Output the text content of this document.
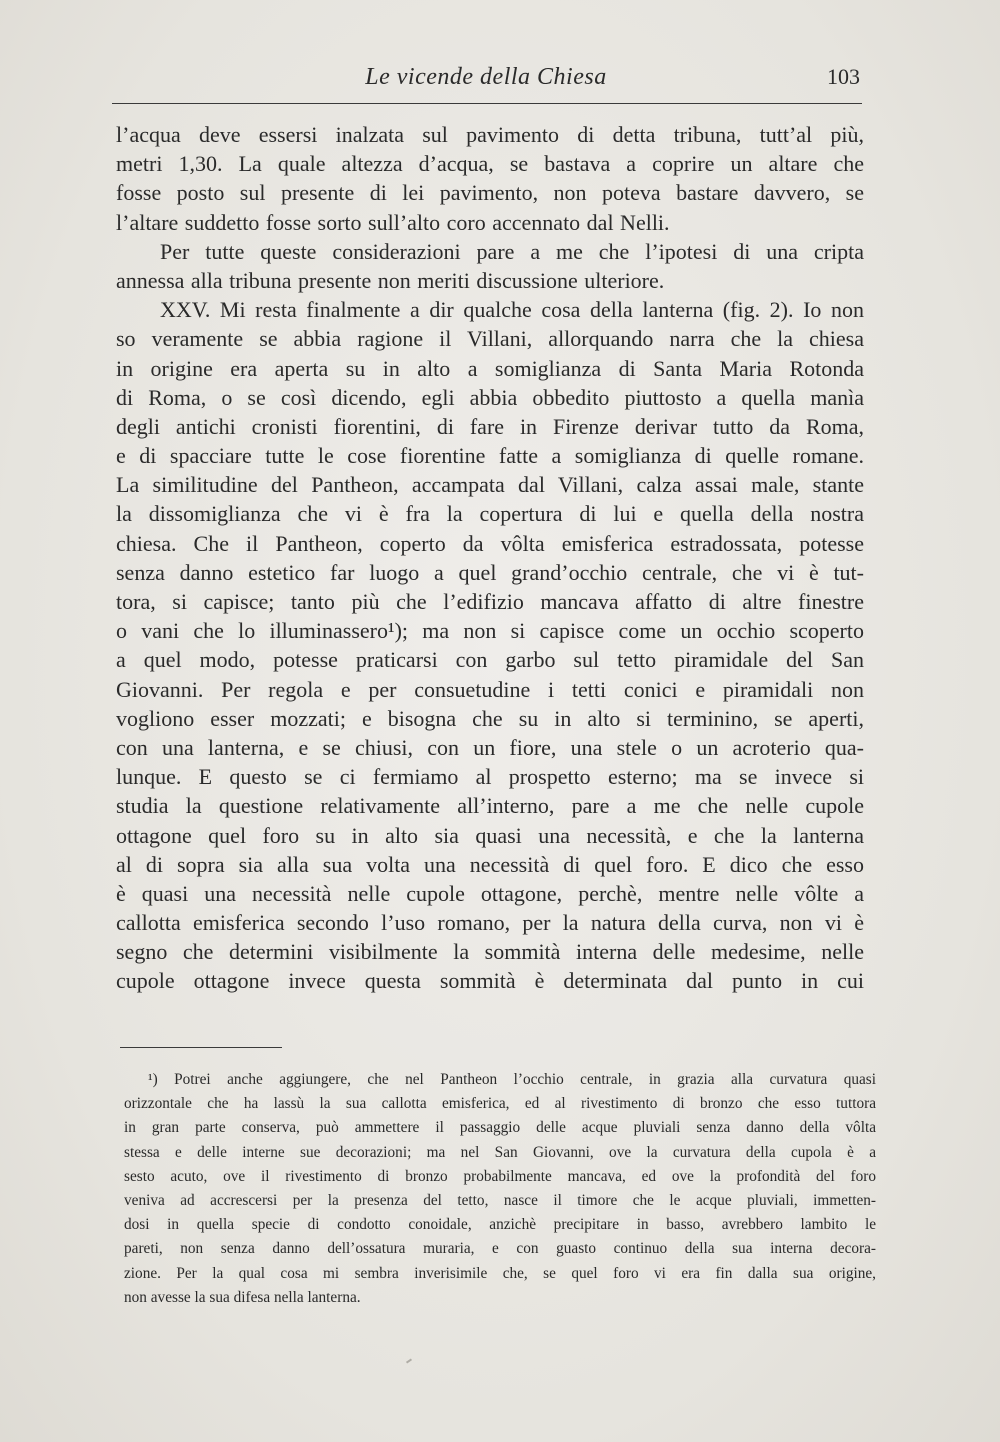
Le vicende della Chiesa	103
l’acqua deve essersi inalzata sul pavimento di detta tribuna, tutt’al più,
metri 1,30. La quale altezza d’acqua, se bastava a coprire un altare che
fosse posto sul presente di lei pavimento, non poteva bastare davvero, se
l’altare suddetto fosse sorto sull’alto coro accennato dal Nelli.
Per tutte queste considerazioni pare a me che l’ipotesi di una cripta
annessa alla tribuna presente non meriti discussione ulteriore.
XXV. Mi resta finalmente a dir qualche cosa della lanterna (fig. 2). Io non
so veramente se abbia ragione il Villani, allorquando narra che la chiesa
in origine era aperta su in alto a somiglianza di Santa Maria Rotonda
di Roma, o se così dicendo, egli abbia obbedito piuttosto a quella manìa
degli antichi cronisti fiorentini, di fare in Firenze derivar tutto da Roma,
e di spacciare tutte le cose fiorentine fatte a somiglianza di quelle romane.
La similitudine del Pantheon, accampata dal Villani, calza assai male, stante
la dissomiglianza che vi è fra la copertura di lui e quella della nostra
chiesa. Che il Pantheon, coperto da vôlta emisferica estradossata, potesse
senza danno estetico far luogo a quel grand’occhio centrale, che vi è tut-
tora, si capisce; tanto più che l’edifizio mancava affatto di altre finestre
o vani che lo illuminassero¹); ma non si capisce come un occhio scoperto
a quel modo, potesse praticarsi con garbo sul tetto piramidale del San
Giovanni. Per regola e per consuetudine i tetti conici e piramidali non
vogliono esser mozzati; e bisogna che su in alto si terminino, se aperti,
con una lanterna, e se chiusi, con un fiore, una stele o un acroterio qua-
lunque. E questo se ci fermiamo al prospetto esterno; ma se invece si
studia la questione relativamente all’interno, pare a me che nelle cupole
ottagone quel foro su in alto sia quasi una necessità, e che la lanterna
al di sopra sia alla sua volta una necessità di quel foro. E dico che esso
è quasi una necessità nelle cupole ottagone, perchè, mentre nelle vôlte a
callotta emisferica secondo l’uso romano, per la natura della curva, non vi è
segno che determini visibilmente la sommità interna delle medesime, nelle
cupole ottagone invece questa sommità è determinata dal punto in cui
¹) Potrei anche aggiungere, che nel Pantheon l’occhio centrale, in grazia alla curvatura quasi
orizzontale che ha lassù la sua callotta emisferica, ed al rivestimento di bronzo che esso tuttora
in gran parte conserva, può ammettere il passaggio delle acque pluviali senza danno della vôlta
stessa e delle interne sue decorazioni; ma nel San Giovanni, ove la curvatura della cupola è a
sesto acuto, ove il rivestimento di bronzo probabilmente mancava, ed ove la profondità del foro
veniva ad accrescersi per la presenza del tetto, nasce il timore che le acque pluviali, immetten-
dosi in quella specie di condotto conoidale, anzichè precipitare in basso, avrebbero lambito le
pareti, non senza danno dell’ossatura muraria, e con guasto continuo della sua interna decora-
zione. Per la qual cosa mi sembra inverisimile che, se quel foro vi era fin dalla sua origine,
non avesse la sua difesa nella lanterna.
